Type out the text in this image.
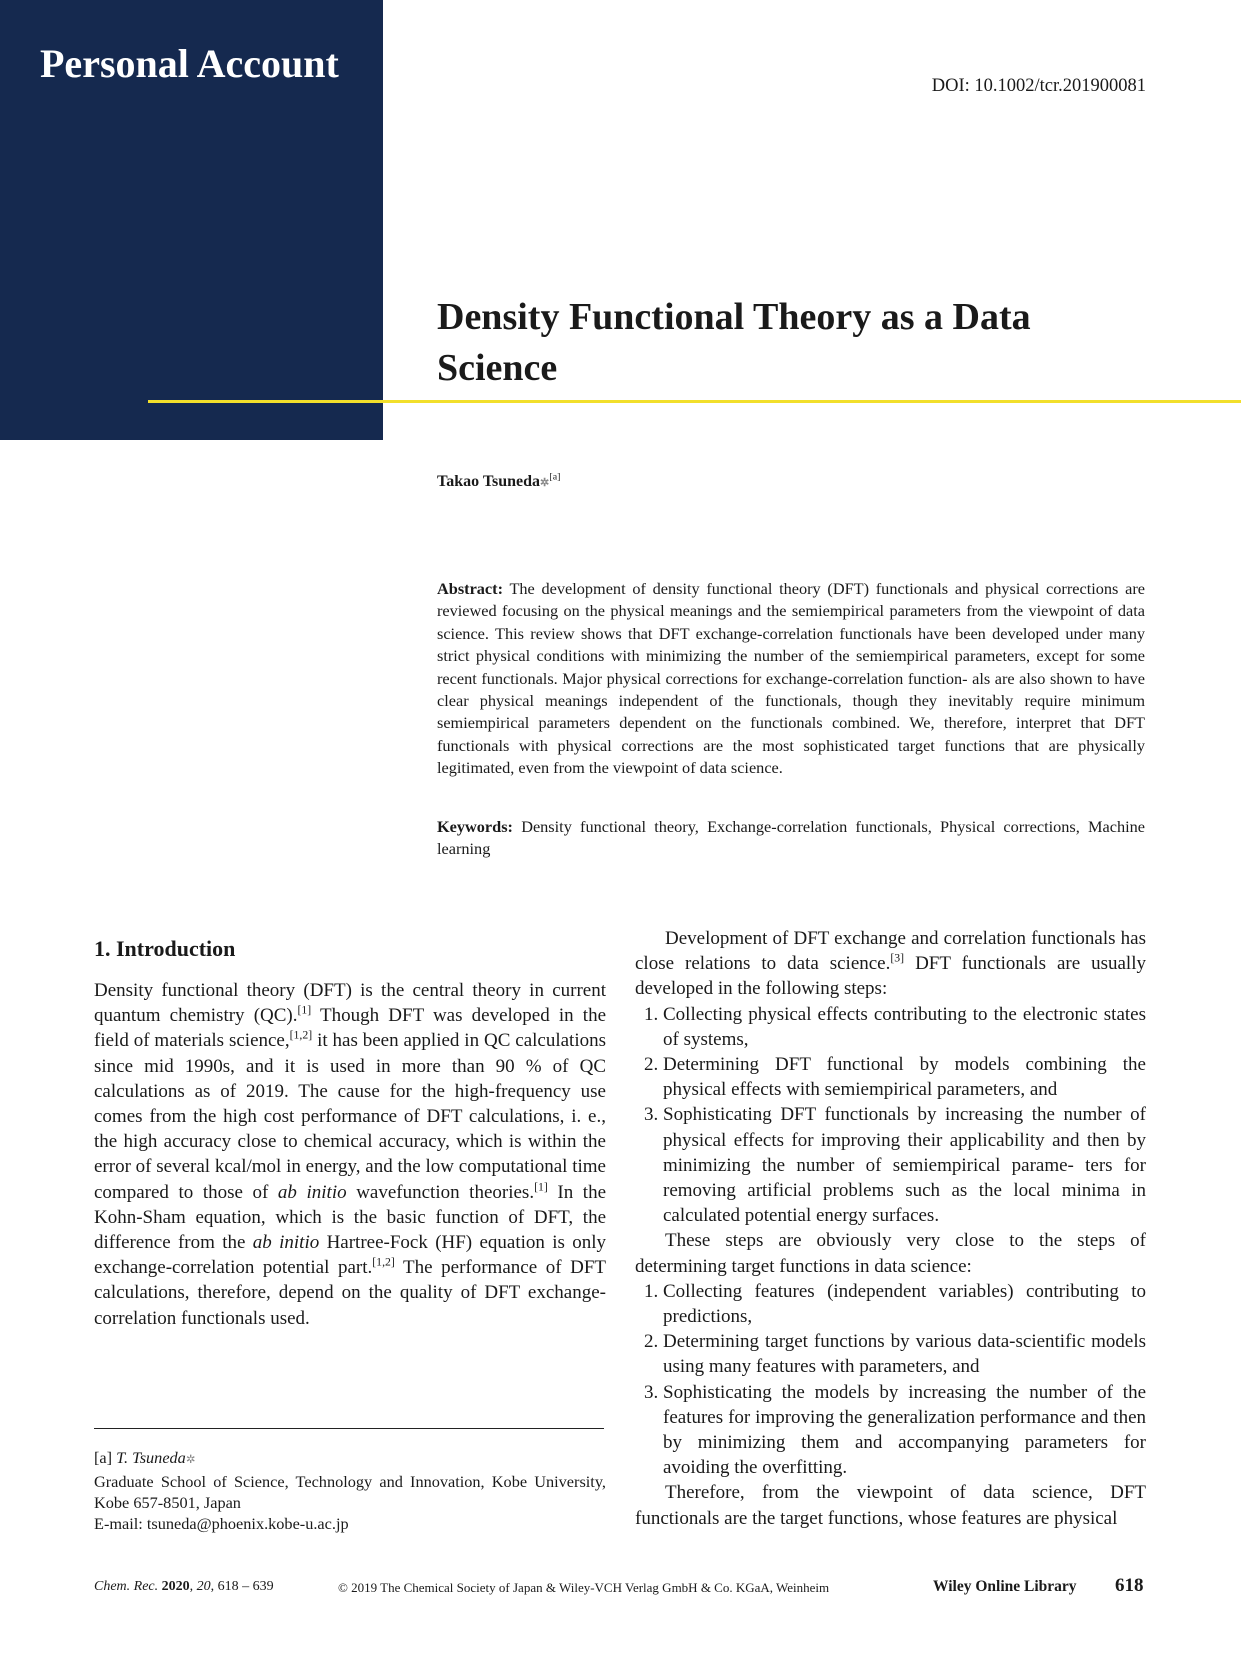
Personal Account
THE
CHEMICAL
RECORD
DOI: 10.1002/tcr.201900081
Density Functional Theory as a Data Science
Takao Tsuneda✲[a]
Abstract: The development of density functional theory (DFT) functionals and physical corrections are reviewed focusing on the physical meanings and the semiempirical parameters from the viewpoint of data science. This review shows that DFT exchange-correlation functionals have been developed under many strict physical conditions with minimizing the number of the semiempirical parameters, except for some recent functionals. Major physical corrections for exchange-correlation function- als are also shown to have clear physical meanings independent of the functionals, though they inevitably require minimum semiempirical parameters dependent on the functionals combined. We, therefore, interpret that DFT functionals with physical corrections are the most sophisticated target functions that are physically legitimated, even from the viewpoint of data science.
Keywords: Density functional theory, Exchange-correlation functionals, Physical corrections, Machine learning
1. Introduction

Density functional theory (DFT) is the central theory in current quantum chemistry (QC).[1] Though DFT was developed in the field of materials science,[1,2] it has been applied in QC calculations since mid 1990s, and it is used in more than 90 % of QC calculations as of 2019. The cause for the high-frequency use comes from the high cost performance of DFT calculations, i. e., the high accuracy close to chemical accuracy, which is within the error of several kcal/mol in energy, and the low computational time compared to those of ab initio wavefunction theories.[1] In the Kohn-Sham equation, which is the basic function of DFT, the difference from the ab initio Hartree-Fock (HF) equation is only exchange-correlation potential part.[1,2] The performance of DFT calculations, therefore, depend on the quality of DFT exchange-correlation functionals used.

Development of DFT exchange and correlation functionals has close relations to data science.[3] DFT functionals are usually developed in the following steps:

1. Collecting physical effects contributing to the electronic states of systems,
2. Determining DFT functional by models combining the physical effects with semiempirical parameters, and
3. Sophisticating DFT functionals by increasing the number of physical effects for improving their applicability and then by minimizing the number of semiempirical parame- ters for removing artificial problems such as the local minima in calculated potential energy surfaces.

These steps are obviously very close to the steps of determining target functions in data science:

1. Collecting features (independent variables) contributing to predictions,
2. Determining target functions by various data-scientific models using many features with parameters, and
3. Sophisticating the models by increasing the number of the features for improving the generalization performance and then by minimizing them and accompanying parameters for avoiding the overfitting.

Therefore, from the viewpoint of data science, DFT functionals are the target functions, whose features are physical

[a] T. Tsuneda✲
Graduate School of Science, Technology and Innovation, Kobe University, Kobe 657-8501, Japan
E-mail: tsuneda@phoenix.kobe-u.ac.jp
Chem. Rec. 2020, 20, 618 – 639	© 2019 The Chemical Society of Japan & Wiley-VCH Verlag GmbH & Co. KGaA, Weinheim	Wiley Online Library 618
